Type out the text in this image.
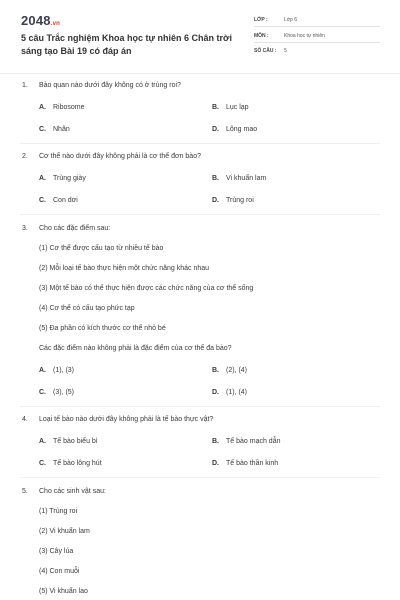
2048.vn
5 câu Trắc nghiệm Khoa học tự nhiên 6 Chân trời sáng tạo Bài 19 có đáp án
LỚP :	Lớp 6
MÔN :	Khoa học tự nhiên
SỐ CÂU : 5
1. Bào quan nào dưới đây không có ở trùng roi?
A. Ribosome	B. Lục lạp
C. Nhân	D. Lông mao
2. Cơ thể nào dưới đây không phải là cơ thể đơn bào?
A. Trùng giày	B. Vi khuẩn lam
C. Con dơi	D. Trùng roi
3. Cho các đặc điểm sau:
(1) Cơ thể được cấu tạo từ nhiều tế bào
(2) Mỗi loại tế bào thực hiện một chức năng khác nhau
(3) Một tế bào có thể thực hiện được các chức năng của cơ thể sống
(4) Cơ thể có cấu tạo phức tạp
(5) Đa phần có kích thước cơ thể nhỏ bé
Các đặc điểm nào không phải là đặc điểm của cơ thể đa bào?
A. (1), (3)	B. (2), (4)
C. (3), (5)	D. (1), (4)
4. Loại tế bào nào dưới đây không phải là tế bào thực vật?
A. Tế bào biểu bì	B. Tế bào mạch dẫn
C. Tế bào lông hút	D. Tế bào thần kinh
5. Cho các sinh vật sau:
(1) Trùng roi
(2) Vi khuẩn lam
(3) Cây lúa
(4) Con muỗi
(5) Vi khuẩn lao
